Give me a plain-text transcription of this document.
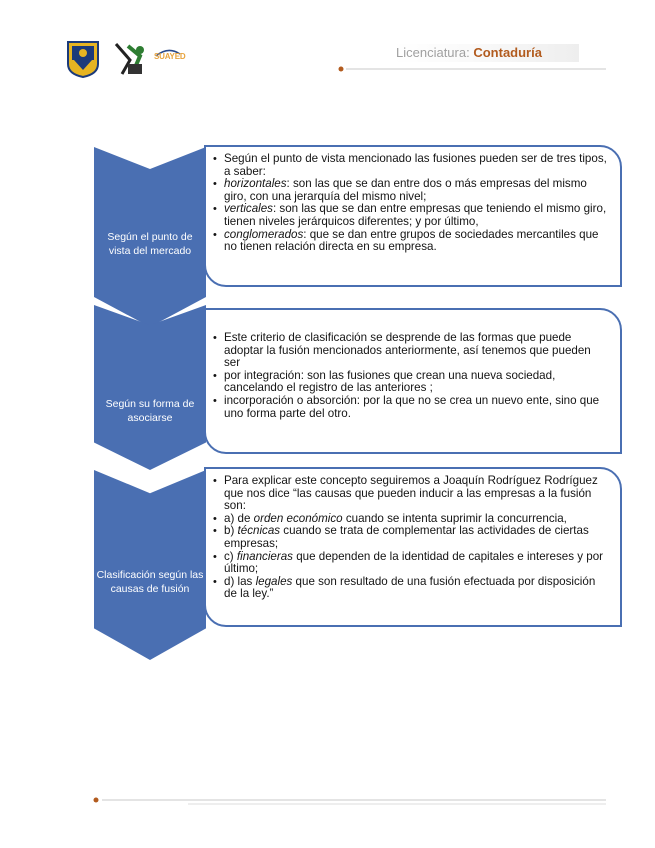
SUAYED	Licenciatura: Contaduría
Según el punto de vista del mercado
• Según el punto de vista mencionado las fusiones pueden ser de tres tipos, a saber:
• horizontales: son las que se dan entre dos o más empresas del mismo giro, con una jerarquía del mismo nivel;
• verticales: son las que se dan entre empresas que teniendo el mismo giro, tienen niveles jerárquicos diferentes; y por último,
• conglomerados: que se dan entre grupos de sociedades mercantiles que no tienen relación directa en su empresa.
Según su forma de asociarse
• Este criterio de clasificación se desprende de las formas que puede adoptar la fusión mencionados anteriormente, así tenemos que pueden ser
• por integración: son las fusiones que crean una nueva sociedad, cancelando el registro de las anteriores ;
• incorporación o absorción: por la que no se crea un nuevo ente, sino que uno forma parte del otro.
Clasificación según las causas de fusión
• Para explicar este concepto seguiremos a Joaquín Rodríguez Rodríguez que nos dice “las causas que pueden inducir a las empresas a la fusión son:
• a) de orden económico cuando se intenta suprimir la concurrencia,
• b) técnicas cuando se trata de complementar las actividades de ciertas empresas;
• c) financieras que dependen de la identidad de capitales e intereses y por último;
• d) las legales que son resultado de una fusión efectuada por disposición de la ley.”
